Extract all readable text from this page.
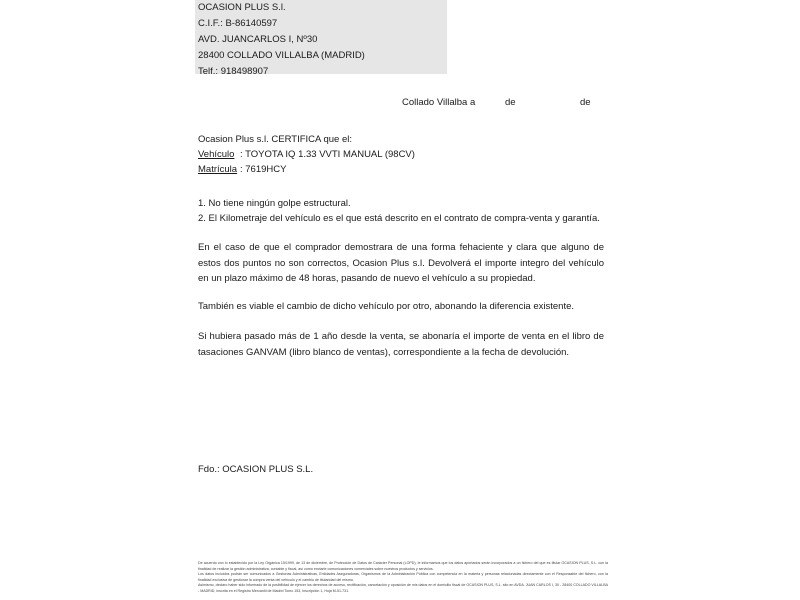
OCASION PLUS S.l.
C.I.F.: B-86140597
AVD. JUANCARLOS I, Nº30
28400 COLLADO VILLALBA (MADRID)
Telf.: 918498907
Collado Villalba a	de	de
Ocasion Plus s.l. CERTIFICA que el:
Vehículo : TOYOTA IQ 1.33 VVTI MANUAL (98CV)
Matrícula : 7619HCY
1. No tiene ningún golpe estructural.
2. El Kilometraje del vehículo es el que está descrito en el contrato de compra-venta y garantía.
En el caso de que el comprador demostrara de una forma fehaciente y clara que alguno de estos dos puntos no son correctos, Ocasion Plus s.l. Devolverá el importe integro del vehículo en un plazo máximo de 48 horas, pasando de nuevo el vehículo a su propiedad.
También es viable el cambio de dicho vehículo por otro, abonando la diferencia existente.
Si hubiera pasado más de 1 año desde la venta, se abonaría el importe de venta en el libro de tasaciones GANVAM (libro blanco de ventas), correspondiente a la fecha de devolución.
Fdo.: OCASION PLUS S.L.

De acuerdo con lo establecido por la Ley Orgánica 15/1999, de 13 de diciembre, de Protección de Datos de Carácter Personal (LOPD), le informamos que los datos aportados serán incorporados a un fichero del que es titular OCASION PLUS, S.L. con la finalidad de realizar la gestión administrativa, contable y fiscal, así como enviarle comunicaciones comerciales sobre nuestros productos y servicios.

Los datos incluidos podrán ser comunicados a Gestorías Administrativas, Entidades Aseguradoras, Organismos de la Administración Pública con competencia en la materia y personas relacionadas directamente con el Responsable del fichero, con la finalidad exclusiva de gestionar la compra venta del vehículo y el cambio de titularidad del mismo.

Asimismo, declaro haber sido informado de la posibilidad de ejercer los derechos de acceso, rectificación, cancelación y oposición de mis datos en el domicilio fiscal de OCASION PLUS, S.L. sito en AVDA. JUAN CARLOS I, 30 - 28400 COLLADO VILLALBA - MADRID, inscrita en el Registro Mercantil de Madrid Tomo 153, Inscripción 1, Hoja M-51-731.
